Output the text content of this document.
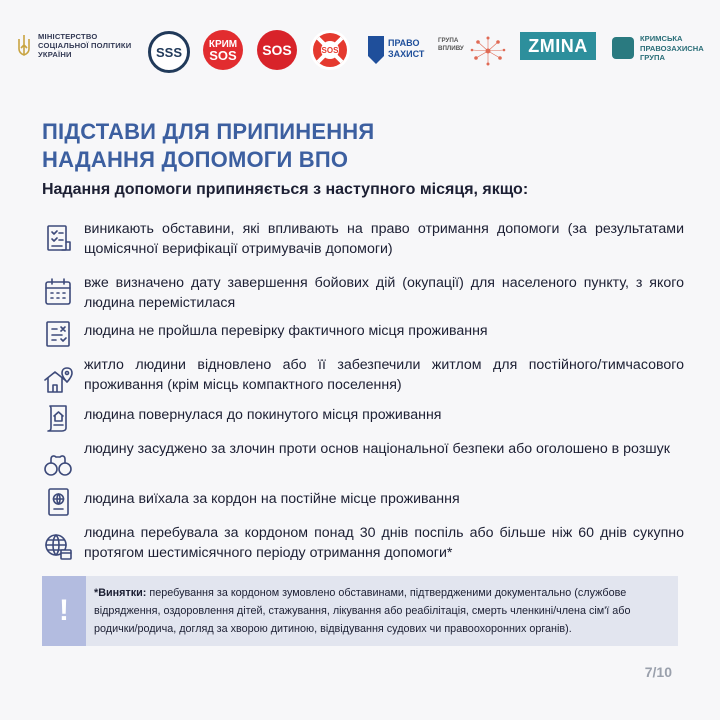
МІНІСТЕРСТВО
СОЦІАЛЬНОЇ ПОЛІТИКИ
УКРАЇНИ	SSS	КРИМ
SOS	SOS	SOS
ПРАВО
ЗАХИСТ
ГРУПА
ВПЛИВУ	ZMINA	КРИМСЬКА
ПРАВОЗАХИСНА
ГРУПА
ПІДСТАВИ ДЛЯ ПРИПИНЕННЯ
НАДАННЯ ДОПОМОГИ ВПО
Надання допомоги припиняється з наступного місяця, якщо:
виникають обставини, які впливають на право отримання допомоги (за результатами щомісячної верифікації отримувачів допомоги)
вже визначено дату завершення бойових дій (окупації) для населеного пункту, з якого людина перемістилася
людина не пройшла перевірку фактичного місця проживання
житло людини відновлено або її забезпечили житлом для постійного/тимчасового проживання (крім місць компактного поселення)
людина повернулася до покинутого місця проживання
людину засуджено за злочин проти основ національної безпеки або оголошено в розшук
людина виїхала за кордон на постійне місце проживання
людина перебувала за кордоном понад 30 днів поспіль або більше ніж 60 днів сукупно протягом шестимісячного періоду отримання допомоги*
!
*Винятки: перебування за кордоном зумовлено обставинами, підтвердженими документально (службове відрядження, оздоровлення дітей, стажування, лікування або реабілітація, смерть членкині/члена сім'ї або родички/родича, догляд за хворою дитиною, відвідування судових чи правоохоронних органів).
7/10
